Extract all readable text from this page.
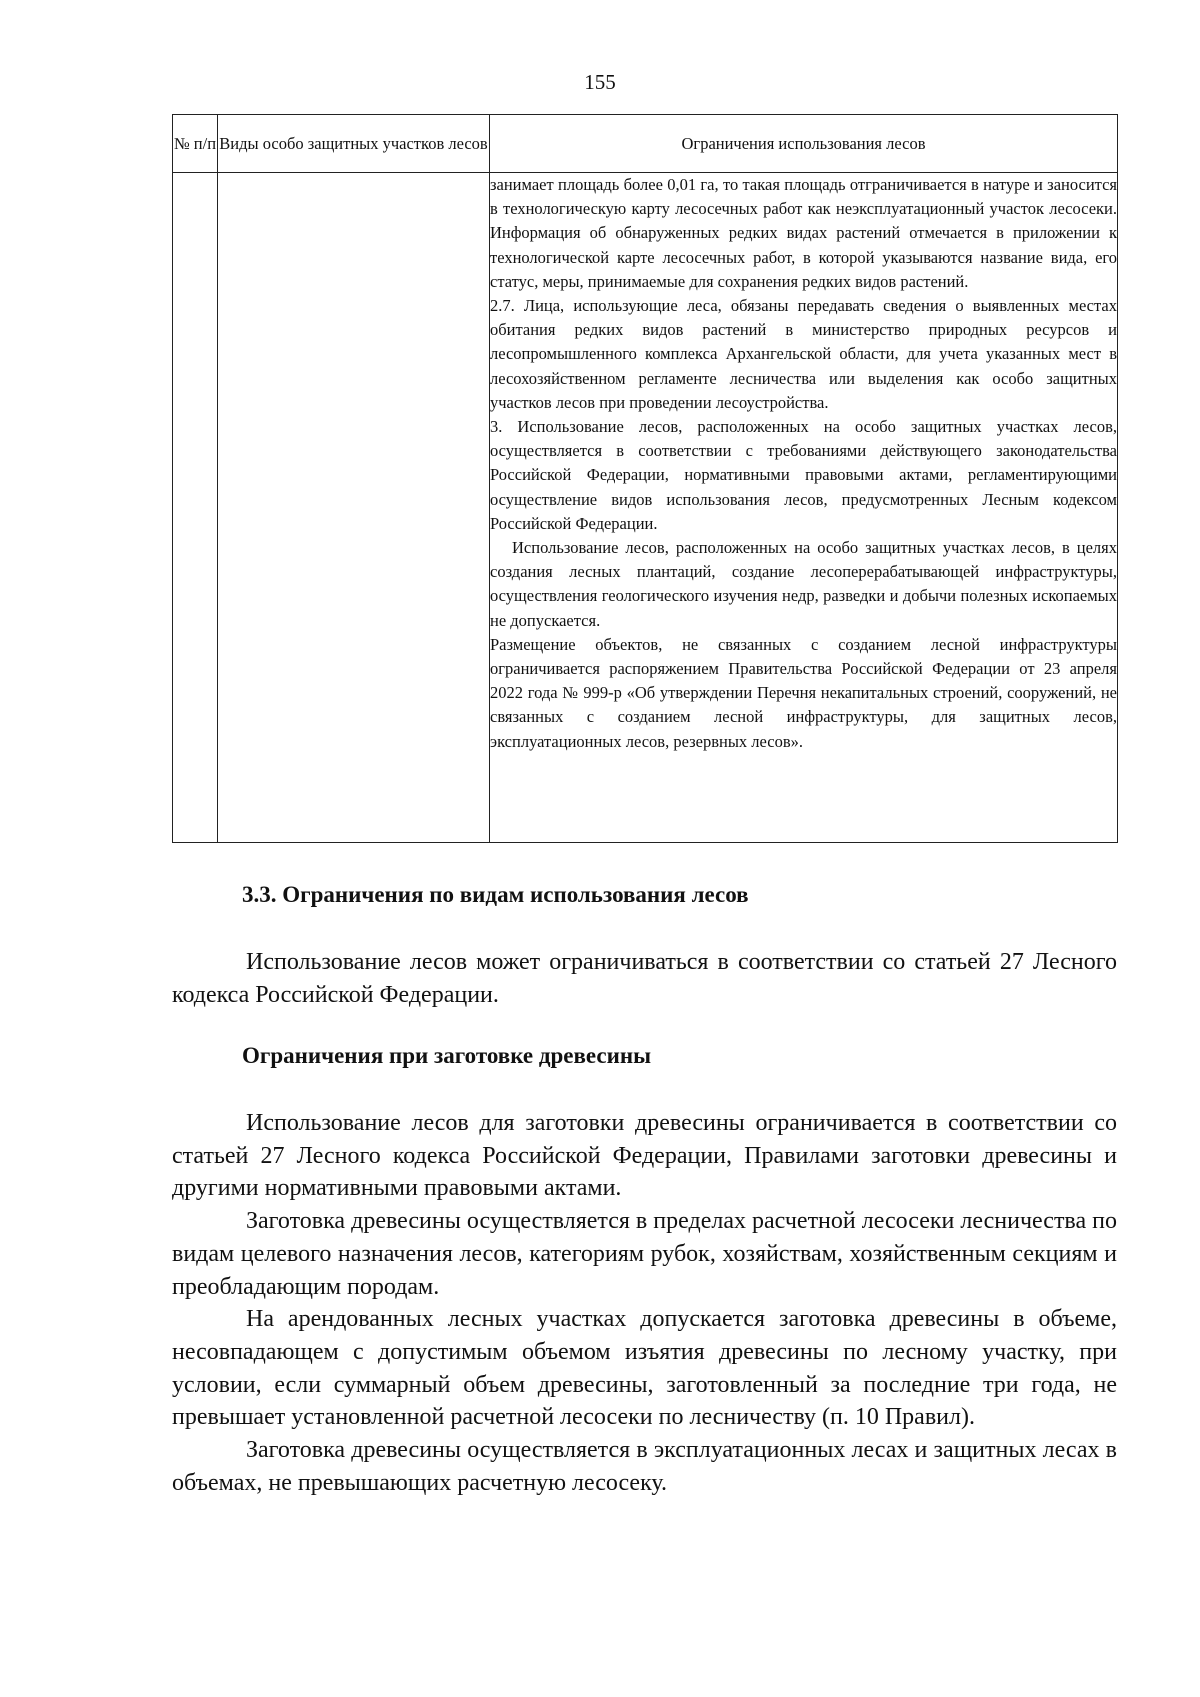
155
№ п/п	Виды особо защитных участков лесов	Ограничения использования лесов

		занимает площадь более 0,01 га, то такая площадь отграничивается в натуре и заносится в технологическую карту лесосечных работ как неэксплуатационный участок лесосеки. Информация об обнаруженных редких видах растений отмечается в приложении к технологической карте лесосечных работ, в которой указываются название вида, его статус, меры, принимаемые для сохранения редких видов растений.

2.7. Лица, использующие леса, обязаны передавать сведения о выявленных местах обитания редких видов растений в министерство природных ресурсов и лесопромышленного комплекса Архангельской области, для учета указанных мест в лесохозяйственном регламенте лесничества или выделения как особо защитных участков лесов при проведении лесоустройства.

3. Использование лесов, расположенных на особо защитных участках лесов, осуществляется в соответствии с требованиями действующего законодательства Российской Федерации, нормативными правовыми актами, регламентирующими осуществление видов использования лесов, предусмотренных Лесным кодексом Российской Федерации.

Использование лесов, расположенных на особо защитных участках лесов, в целях создания лесных плантаций, создание лесоперерабатывающей инфраструктуры, осуществления геологического изучения недр, разведки и добычи полезных ископаемых не допускается.

Размещение объектов, не связанных с созданием лесной инфраструктуры ограничивается распоряжением Правительства Российской Федерации от 23 апреля 2022 года № 999-р «Об утверждении Перечня некапитальных строений, сооружений, не связанных с созданием лесной инфраструктуры, для защитных лесов, эксплуатационных лесов, резервных лесов».

3.3. Ограничения по видам использования лесов

Использование лесов может ограничиваться в соответствии со статьей 27 Лесного кодекса Российской Федерации.

Ограничения при заготовке древесины

Использование лесов для заготовки древесины ограничивается в соответствии со статьей 27 Лесного кодекса Российской Федерации, Правилами заготовки древесины и другими нормативными правовыми актами.

Заготовка древесины осуществляется в пределах расчетной лесосеки лесничества по видам целевого назначения лесов, категориям рубок, хозяйствам, хозяйственным секциям и преобладающим породам.

На арендованных лесных участках допускается заготовка древесины в объеме, несовпадающем с допустимым объемом изъятия древесины по лесному участку, при условии, если суммарный объем древесины, заготовленный за последние три года, не превышает установленной расчетной лесосеки по лесничеству (п. 10 Правил).

Заготовка древесины осуществляется в эксплуатационных лесах и защитных лесах в объемах, не превышающих расчетную лесосеку.
